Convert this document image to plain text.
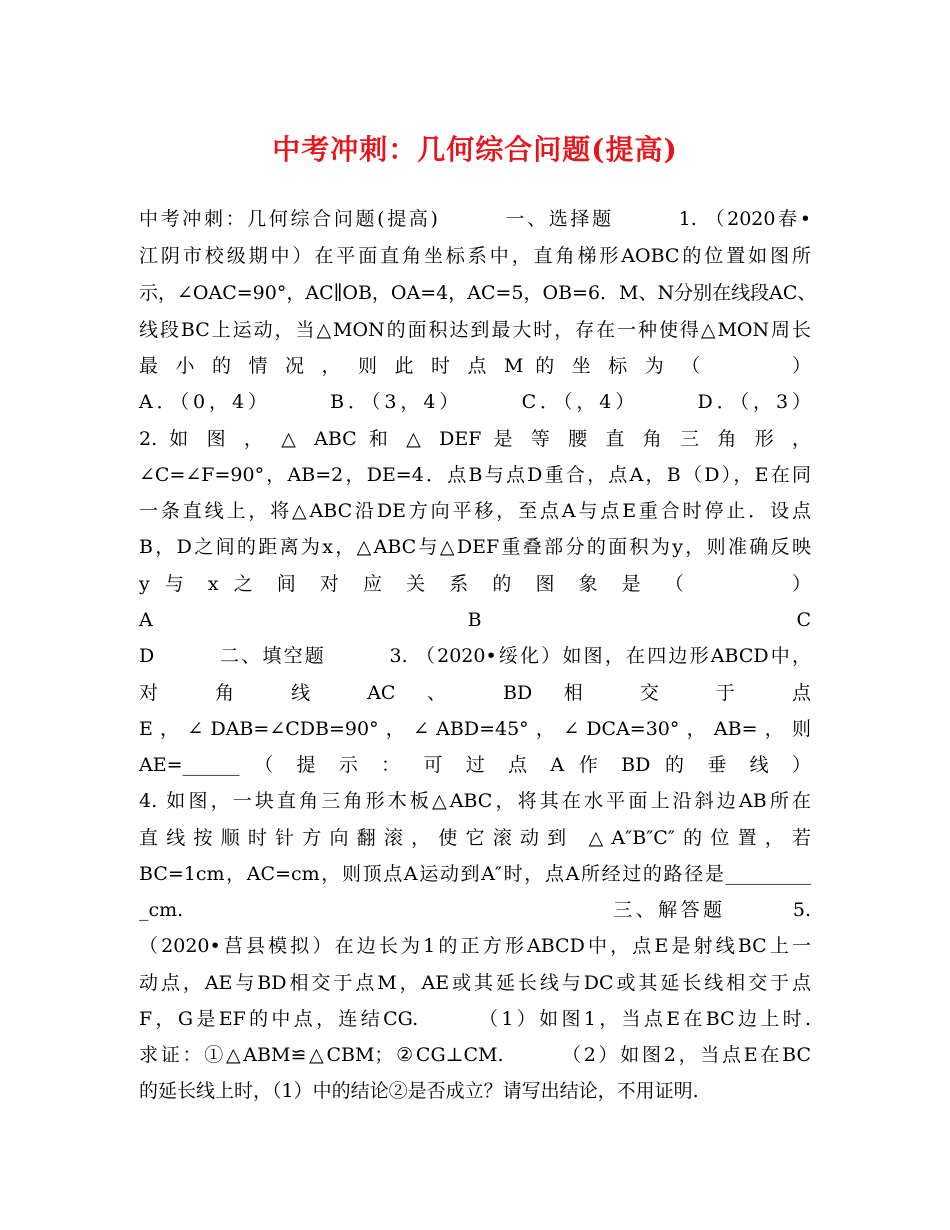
中考冲刺：几何综合问题(提高)
中考冲刺：几何综合问题(提高)　　　一、选择题　　　1. （2020春•
江阴市校级期中）在平面直角坐标系中，直角梯形AOBC的位置如图所
示，∠OAC=90°，AC∥OB，OA=4，AC=5，OB=6．M、N分别在线段AC、
线段BC上运动，当△MON的面积达到最大时，存在一种使得△MON周长
最 小 的 情 况 ， 则 此 时 点 M 的 坐 标 为 （　　　 ）
A．（0，4）　　　B．（3，4）　　　C．（，4）　　　D．（，3）
2. 如 图 ， △ ABC 和 △ DEF 是 等 腰 直 角 三 角 形 ，
∠C=∠F=90°，AB=2，DE=4．点B与点D重合，点A，B（D），E在同
一条直线上，将△ABC沿DE方向平移，至点A与点E重合时停止．设点
B，D之间的距离为x，△ABC与△DEF重叠部分的面积为y，则准确反映
y 与 x 之 间 对 应 关 系 的 图 象 是 （　　　 ）
A　　　　　　　　　　　　　B　　　　　　　　　　　　　C
D　　　二、填空题　　　3. （2020•绥化）如图，在四边形ABCD中，
对 角 线 AC 、 BD 相 交 于 点
E ， ∠ DAB=∠CDB=90° ， ∠ ABD=45° ， ∠ DCA=30° ， AB= ， 则
AE=______ （ 提 示 ： 可 过 点 A 作 BD 的 垂 线 ）
4. 如图，一块直角三角形木板△ABC，将其在水平面上沿斜边AB所在
直线按顺时针方向翻滚，使它滚动到 △A″B″C″的位置，若
BC=1cm，AC=cm，则顶点A运动到A″时，点A所经过的路径是_________
_cm.　　　　　　　　　　　　　　　　　　　三、解答题　　　5.
（2020•莒县模拟）在边长为1的正方形ABCD中，点E是射线BC上一
动点，AE与BD相交于点M，AE或其延长线与DC或其延长线相交于点
F，G是EF的中点，连结CG.　　　（1）如图1，当点E在BC边上时.
求证：①△ABM≌△CBM；②CG⊥CM.　　　（2）如图2，当点E在BC
的延长线上时，（1）中的结论②是否成立？请写出结论，不用证明.
